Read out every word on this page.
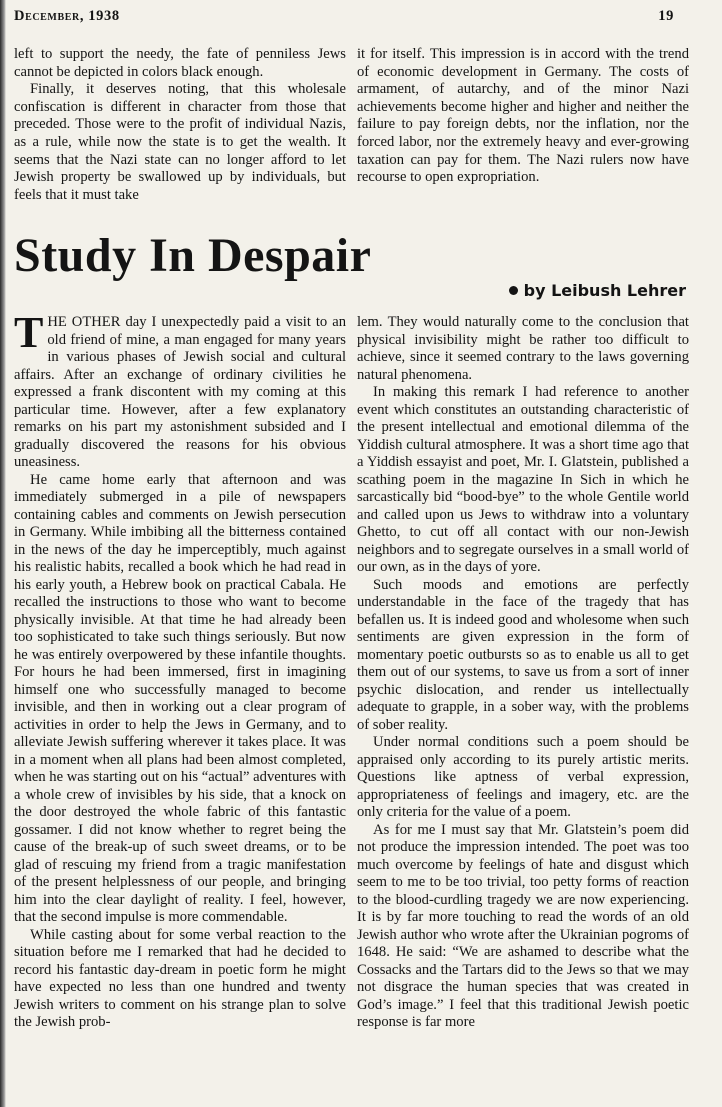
December, 1938	19

left to support the needy, the fate of penniless Jews cannot be depicted in colors black enough.

Finally, it deserves noting, that this wholesale confiscation is different in character from those that preceded. Those were to the profit of individual Nazis, as a rule, while now the state is to get the wealth. It seems that the Nazi state can no longer afford to let Jewish property be swallowed up by individuals, but feels that it must take

it for itself. This impression is in accord with the trend of economic development in Germany. The costs of armament, of autarchy, and of the minor Nazi achievements become higher and higher and neither the failure to pay foreign debts, nor the inflation, nor the forced labor, nor the extremely heavy and ever-growing taxation can pay for them. The Nazi rulers now have recourse to open expropriation.

Study In Despair
by Leibush Lehrer

THE OTHER day I unexpectedly paid a visit to an old friend of mine, a man engaged for many years in various phases of Jewish social and cultural affairs. After an exchange of ordinary civilities he expressed a frank discontent with my coming at this particular time. However, after a few explanatory remarks on his part my astonishment subsided and I gradually discovered the reasons for his obvious uneasiness.

He came home early that afternoon and was immediately submerged in a pile of newspapers containing cables and comments on Jewish persecution in Germany. While imbibing all the bitterness contained in the news of the day he imperceptibly, much against his realistic habits, recalled a book which he had read in his early youth, a Hebrew book on practical Cabala. He recalled the instructions to those who want to become physically invisible. At that time he had already been too sophisticated to take such things seriously. But now he was entirely overpowered by these infantile thoughts. For hours he had been immersed, first in imagining himself one who successfully managed to become invisible, and then in working out a clear program of activities in order to help the Jews in Germany, and to alleviate Jewish suffering wherever it takes place. It was in a moment when all plans had been almost completed, when he was starting out on his “actual” adventures with a whole crew of invisibles by his side, that a knock on the door destroyed the whole fabric of this fantastic gossamer. I did not know whether to regret being the cause of the break-up of such sweet dreams, or to be glad of rescuing my friend from a tragic manifestation of the present helplessness of our people, and bringing him into the clear daylight of reality. I feel, however, that the second impulse is more commendable.

While casting about for some verbal reaction to the situation before me I remarked that had he decided to record his fantastic day-dream in poetic form he might have expected no less than one hundred and twenty Jewish writers to comment on his strange plan to solve the Jewish prob-

lem. They would naturally come to the conclusion that physical invisibility might be rather too difficult to achieve, since it seemed contrary to the laws governing natural phenomena.

In making this remark I had reference to another event which constitutes an outstanding characteristic of the present intellectual and emotional dilemma of the Yiddish cultural atmosphere. It was a short time ago that a Yiddish essayist and poet, Mr. I. Glatstein, published a scathing poem in the magazine In Sich in which he sarcastically bid “bood-bye” to the whole Gentile world and called upon us Jews to withdraw into a voluntary Ghetto, to cut off all contact with our non-Jewish neighbors and to segregate ourselves in a small world of our own, as in the days of yore.

Such moods and emotions are perfectly understandable in the face of the tragedy that has befallen us. It is indeed good and wholesome when such sentiments are given expression in the form of momentary poetic outbursts so as to enable us all to get them out of our systems, to save us from a sort of inner psychic dislocation, and render us intellectually adequate to grapple, in a sober way, with the problems of sober reality.

Under normal conditions such a poem should be appraised only according to its purely artistic merits. Questions like aptness of verbal expression, appropriateness of feelings and imagery, etc. are the only criteria for the value of a poem.

As for me I must say that Mr. Glatstein’s poem did not produce the impression intended. The poet was too much overcome by feelings of hate and disgust which seem to me to be too trivial, too petty forms of reaction to the blood-curdling tragedy we are now experiencing. It is by far more touching to read the words of an old Jewish author who wrote after the Ukrainian pogroms of 1648. He said: “We are ashamed to describe what the Cossacks and the Tartars did to the Jews so that we may not disgrace the human species that was created in God’s image.” I feel that this traditional Jewish poetic response is far more
